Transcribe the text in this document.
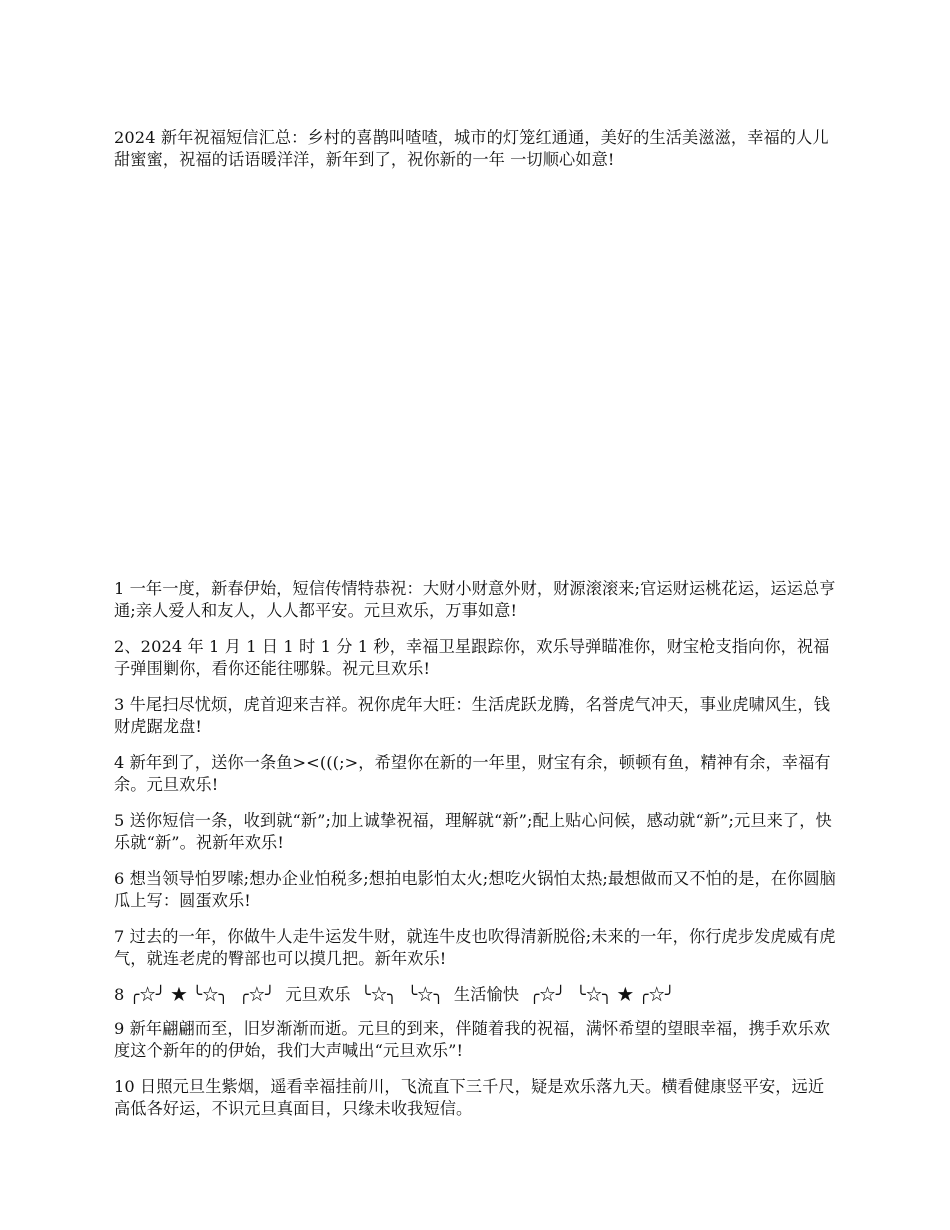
2024 新年祝福短信汇总：乡村的喜鹊叫喳喳，城市的灯笼红通通，美好的生活美滋滋，幸福的人儿甜蜜蜜，祝福的话语暖洋洋，新年到了，祝你新的一年 一切顺心如意!

1 一年一度，新春伊始，短信传情特恭祝：大财小财意外财，财源滚滚来;官运财运桃花运，运运总亨通;亲人爱人和友人，人人都平安。元旦欢乐，万事如意!

2、2024 年 1 月 1 日 1 时 1 分 1 秒，幸福卫星跟踪你，欢乐导弹瞄准你，财宝枪支指向你，祝福子弹围剿你，看你还能往哪躲。祝元旦欢乐!

3 牛尾扫尽忧烦，虎首迎来吉祥。祝你虎年大旺：生活虎跃龙腾，名誉虎气冲天，事业虎啸风生，钱财虎踞龙盘!

4 新年到了，送你一条鱼><(((;>，希望你在新的一年里，财宝有余，顿顿有鱼，精神有余，幸福有余。元旦欢乐!

5 送你短信一条，收到就“新”;加上诚挚祝福，理解就“新”;配上贴心问候，感动就“新”;元旦来了，快乐就“新”。祝新年欢乐!

6 想当领导怕罗嗦;想办企业怕税多;想拍电影怕太火;想吃火锅怕太热;最想做而又不怕的是，在你圆脑瓜上写：圆蛋欢乐!

7 过去的一年，你做牛人走牛运发牛财，就连牛皮也吹得清新脱俗;未来的一年，你行虎步发虎威有虎气，就连老虎的臀部也可以摸几把。新年欢乐!

8 ╭☆╯ ★ ╰☆╮  ╭☆╯  元旦欢乐  ╰☆╮  ╰☆╮  生活愉快  ╭☆╯  ╰☆╮ ★ ╭☆╯

9 新年翩翩而至，旧岁渐渐而逝。元旦的到来，伴随着我的祝福，满怀希望的望眼幸福，携手欢乐欢度这个新年的的伊始，我们大声喊出“元旦欢乐”!

10 日照元旦生紫烟，遥看幸福挂前川，飞流直下三千尺，疑是欢乐落九天。横看健康竖平安，远近高低各好运，不识元旦真面目，只缘未收我短信。
